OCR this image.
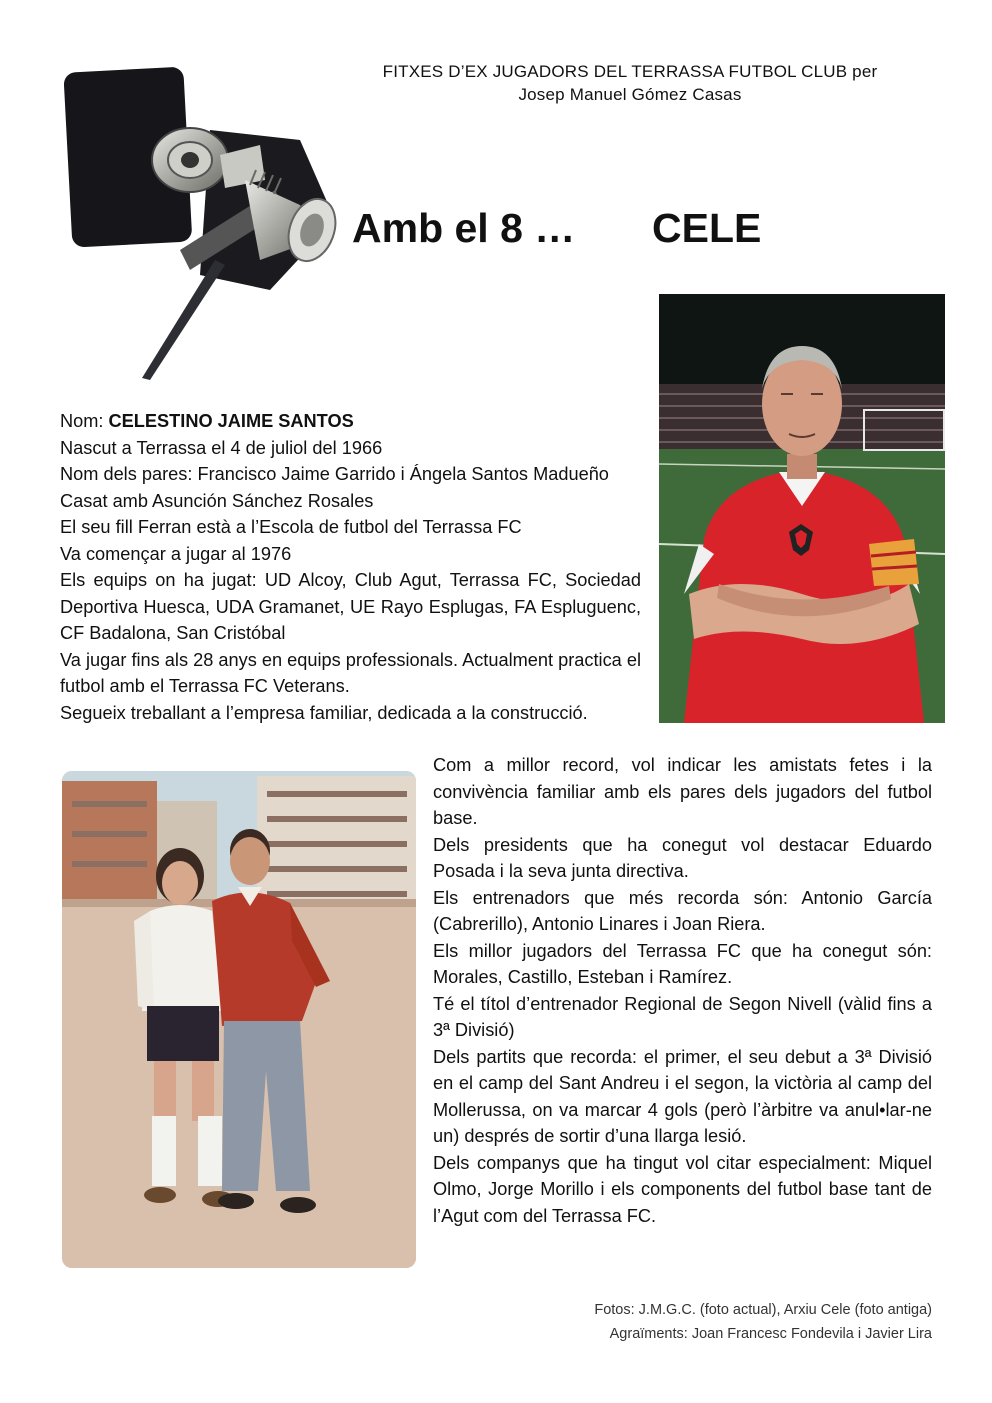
FITXES D’EX JUGADORS DEL TERRASSA FUTBOL CLUB per
Josep Manuel Gómez Casas
Amb el 8 … CELE

Nom: CELESTINO JAIME SANTOS

Nascut a Terrassa el 4 de juliol del 1966

Nom dels pares: Francisco Jaime Garrido i Ángela Santos Madueño

Casat amb Asunción Sánchez Rosales

El seu fill Ferran està a l’Escola de futbol del Terrassa FC

Va començar a jugar al 1976

Els equips on ha jugat: UD Alcoy, Club Agut, Terrassa FC, Sociedad Deportiva Huesca, UDA Gramanet, UE Rayo Esplugas, FA Espluguenc, CF Badalona, San Cristóbal

Va jugar fins als 28 anys en equips professionals. Actualment practica el futbol amb el Terrassa FC Veterans.

Segueix treballant a l’empresa familiar, dedicada a la construcció.

Com a millor record, vol indicar les amistats fetes i la convivència familiar amb els pares dels jugadors del futbol base.

Dels presidents que ha conegut vol destacar Eduardo Posada i la seva junta directiva.

Els entrenadors que més recorda són: Antonio García (Cabrerillo), Antonio Linares i Joan Riera.

Els millor jugadors del Terrassa FC que ha conegut són: Morales, Castillo, Esteban i Ramírez.

Té el títol d’entrenador Regional de Segon Nivell (vàlid fins a 3ª Divisió)

Dels partits que recorda: el primer, el seu debut a 3ª Divisió en el camp del Sant Andreu i el segon, la victòria al camp del Mollerussa, on va marcar 4 gols (però l’àrbitre va anul•lar-ne un) després de sortir d’una llarga lesió.

Dels companys que ha tingut vol citar especialment: Miquel Olmo, Jorge Morillo i els components del futbol base tant de l’Agut com del Terrassa FC.

Fotos: J.M.G.C. (foto actual), Arxiu Cele (foto antiga)
Agraïments: Joan Francesc Fondevila i Javier Lira
